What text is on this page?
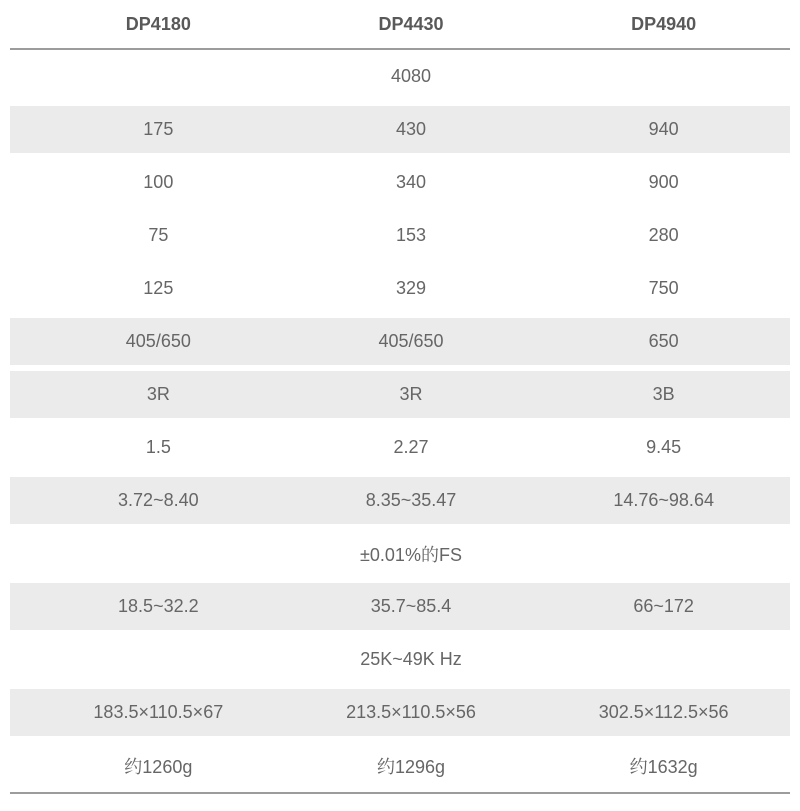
DP4180	DP4430	DP4940
4080
175	430	940
100	340	900
75	153	280
125	329	750
405/650	405/650	650
3R	3R	3B
1.5	2.27	9.45
3.72~8.40	8.35~35.47	14.76~98.64
±0.01%的FS
18.5~32.2	35.7~85.4	66~172
25K~49K Hz
183.5×110.5×67	213.5×110.5×56	302.5×112.5×56
约1260g	约1296g	约1632g
